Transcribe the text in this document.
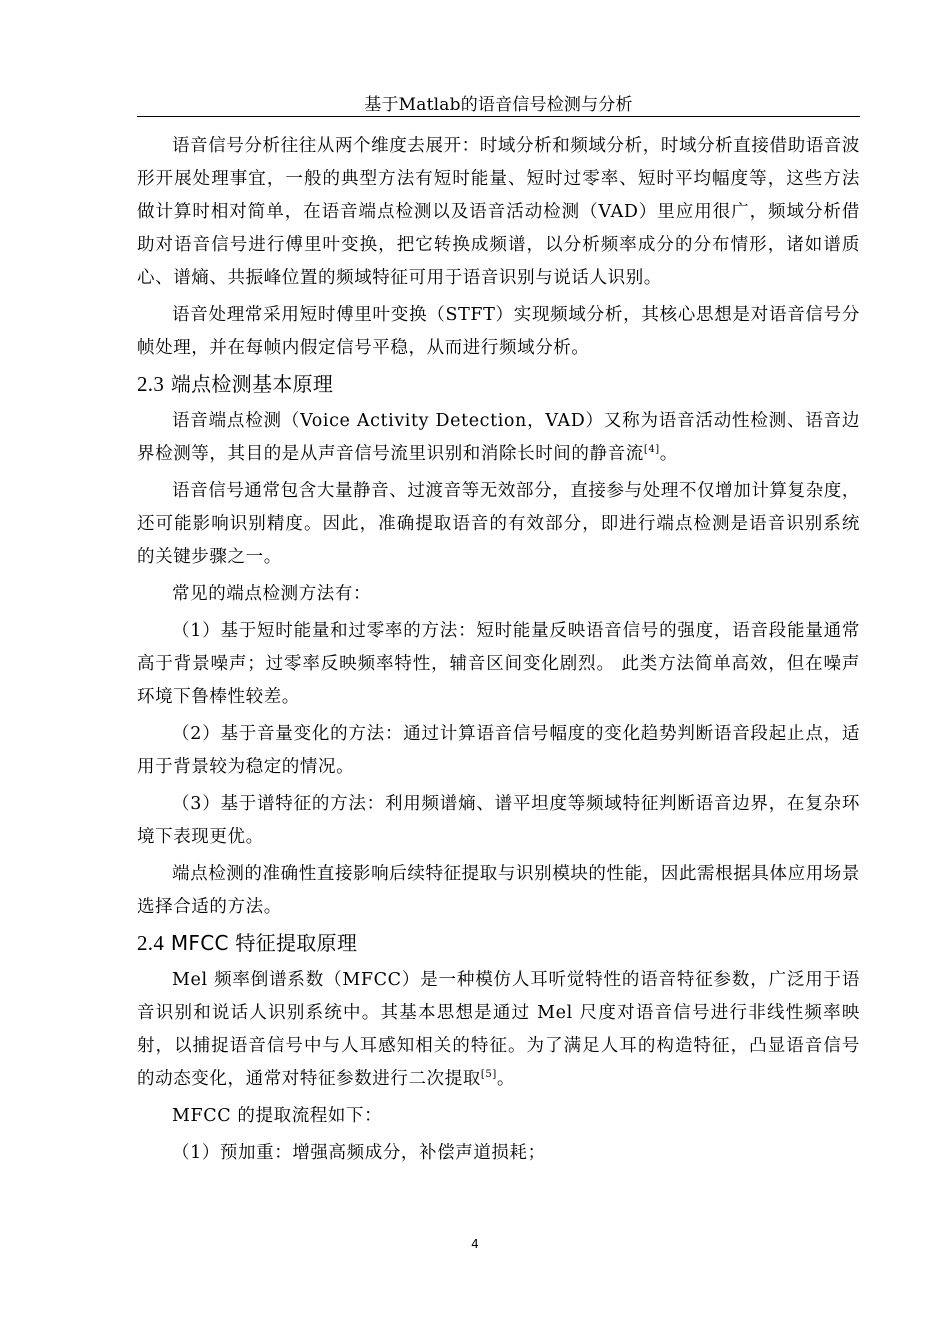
基于Matlab的语音信号检测与分析

语音信号分析往往从两个维度去展开：时域分析和频域分析，时域分析直接借助语音波形开展处理事宜，一般的典型方法有短时能量、短时过零率、短时平均幅度等，这些方法做计算时相对简单，在语音端点检测以及语音活动检测（VAD）里应用很广，频域分析借助对语音信号进行傅里叶变换，把它转换成频谱，以分析频率成分的分布情形，诸如谱质心、谱熵、共振峰位置的频域特征可用于语音识别与说话人识别。

语音处理常采用短时傅里叶变换（STFT）实现频域分析，其核心思想是对语音信号分帧处理，并在每帧内假定信号平稳，从而进行频域分析。

2.3 端点检测基本原理

语音端点检测（Voice Activity Detection，VAD）又称为语音活动性检测、语音边界检测等，其目的是从声音信号流里识别和消除长时间的静音流[4]。

语音信号通常包含大量静音、过渡音等无效部分，直接参与处理不仅增加计算复杂度，还可能影响识别精度。因此，准确提取语音的有效部分，即进行端点检测是语音识别系统的关键步骤之一。

常见的端点检测方法有：

（1）基于短时能量和过零率的方法：短时能量反映语音信号的强度，语音段能量通常高于背景噪声；过零率反映频率特性，辅音区间变化剧烈。 此类方法简单高效，但在噪声环境下鲁棒性较差。

（2）基于音量变化的方法：通过计算语音信号幅度的变化趋势判断语音段起止点，适用于背景较为稳定的情况。

（3）基于谱特征的方法：利用频谱熵、谱平坦度等频域特征判断语音边界，在复杂环境下表现更优。

端点检测的准确性直接影响后续特征提取与识别模块的性能，因此需根据具体应用场景选择合适的方法。

2.4 MFCC 特征提取原理

Mel 频率倒谱系数（MFCC）是一种模仿人耳听觉特性的语音特征参数，广泛用于语音识别和说话人识别系统中。其基本思想是通过 Mel 尺度对语音信号进行非线性频率映射，以捕捉语音信号中与人耳感知相关的特征。为了满足人耳的构造特征，凸显语音信号的动态变化，通常对特征参数进行二次提取[5]。

MFCC 的提取流程如下：

（1）预加重：增强高频成分，补偿声道损耗；

4
